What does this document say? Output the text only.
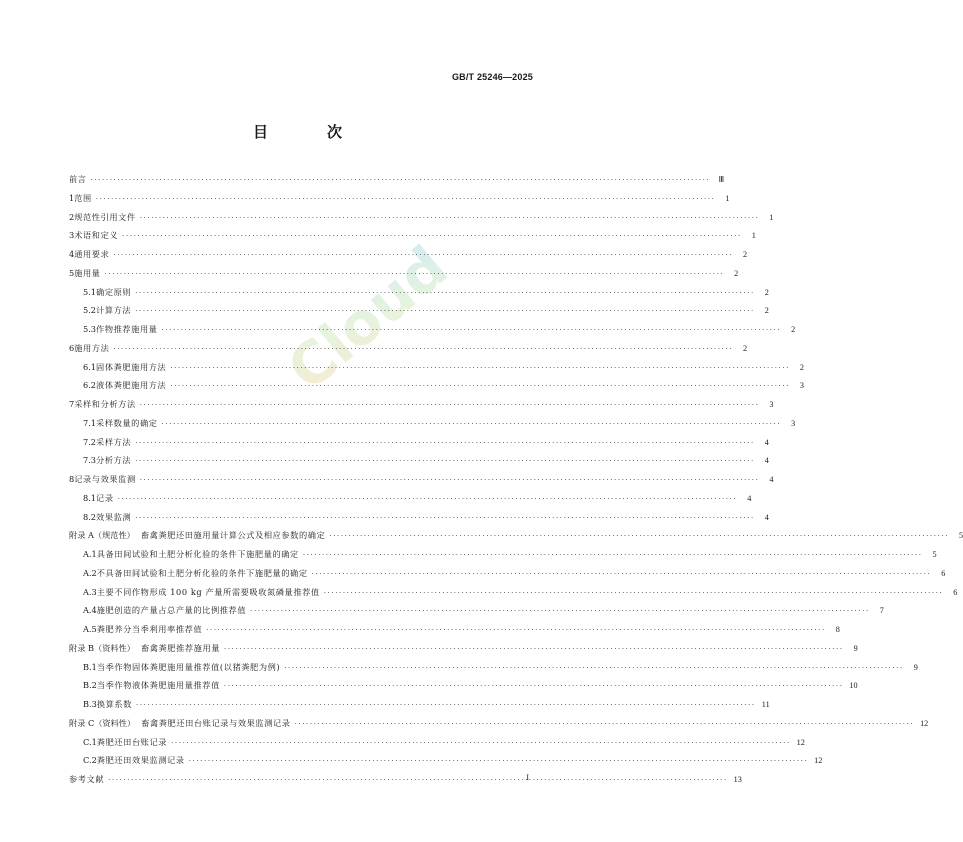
GB/T 25246—2025
目　次
Cloud
前言 ·····	Ⅲ
1 范围 ·····	1
2 规范性引用文件 ·····	1
3 术语和定义 ·····	1
4 通用要求 ·····	2
5 施用量 ·····	2
5.1 确定原则 ·····	2
5.2 计算方法 ·····	2
5.3 作物推荐施用量 ·····	2
6 施用方法 ·····	2
6.1 固体粪肥施用方法 ·····	2
6.2 液体粪肥施用方法 ·····	3
7 采样和分析方法 ·····	3
7.1 采样数量的确定 ·····	3
7.2 采样方法 ·····	4
7.3 分析方法 ·····	4
8 记录与效果监测 ·····	4
8.1 记录 ·····	4
8.2 效果监测 ·····	4
附录 A（规范性） 畜禽粪肥还田施用量计算公式及相应参数的确定 ·····	5
A.1 具备田间试验和土肥分析化验的条件下施肥量的确定 ·····	5
A.2 不具备田间试验和土肥分析化验的条件下施肥量的确定 ·····	6
A.3 主要不同作物形成 100 kg 产量所需要吸收氮磷量推荐值 ·····	6
A.4 施肥创造的产量占总产量的比例推荐值 ·····	7
A.5 粪肥养分当季利用率推荐值 ·····	8
附录 B（资料性） 畜禽粪肥推荐施用量 ·····	9
B.1 当季作物固体粪肥施用量推荐值(以猪粪肥为例) ·····	9
B.2 当季作物液体粪肥施用量推荐值 ·····	10
B.3 换算系数 ·····	11
附录 C（资料性） 畜禽粪肥还田台账记录与效果监测记录 ·····	12
C.1 粪肥还田台账记录 ·····	12
C.2 粪肥还田效果监测记录 ·····	12
参考文献 ·····	13
I
